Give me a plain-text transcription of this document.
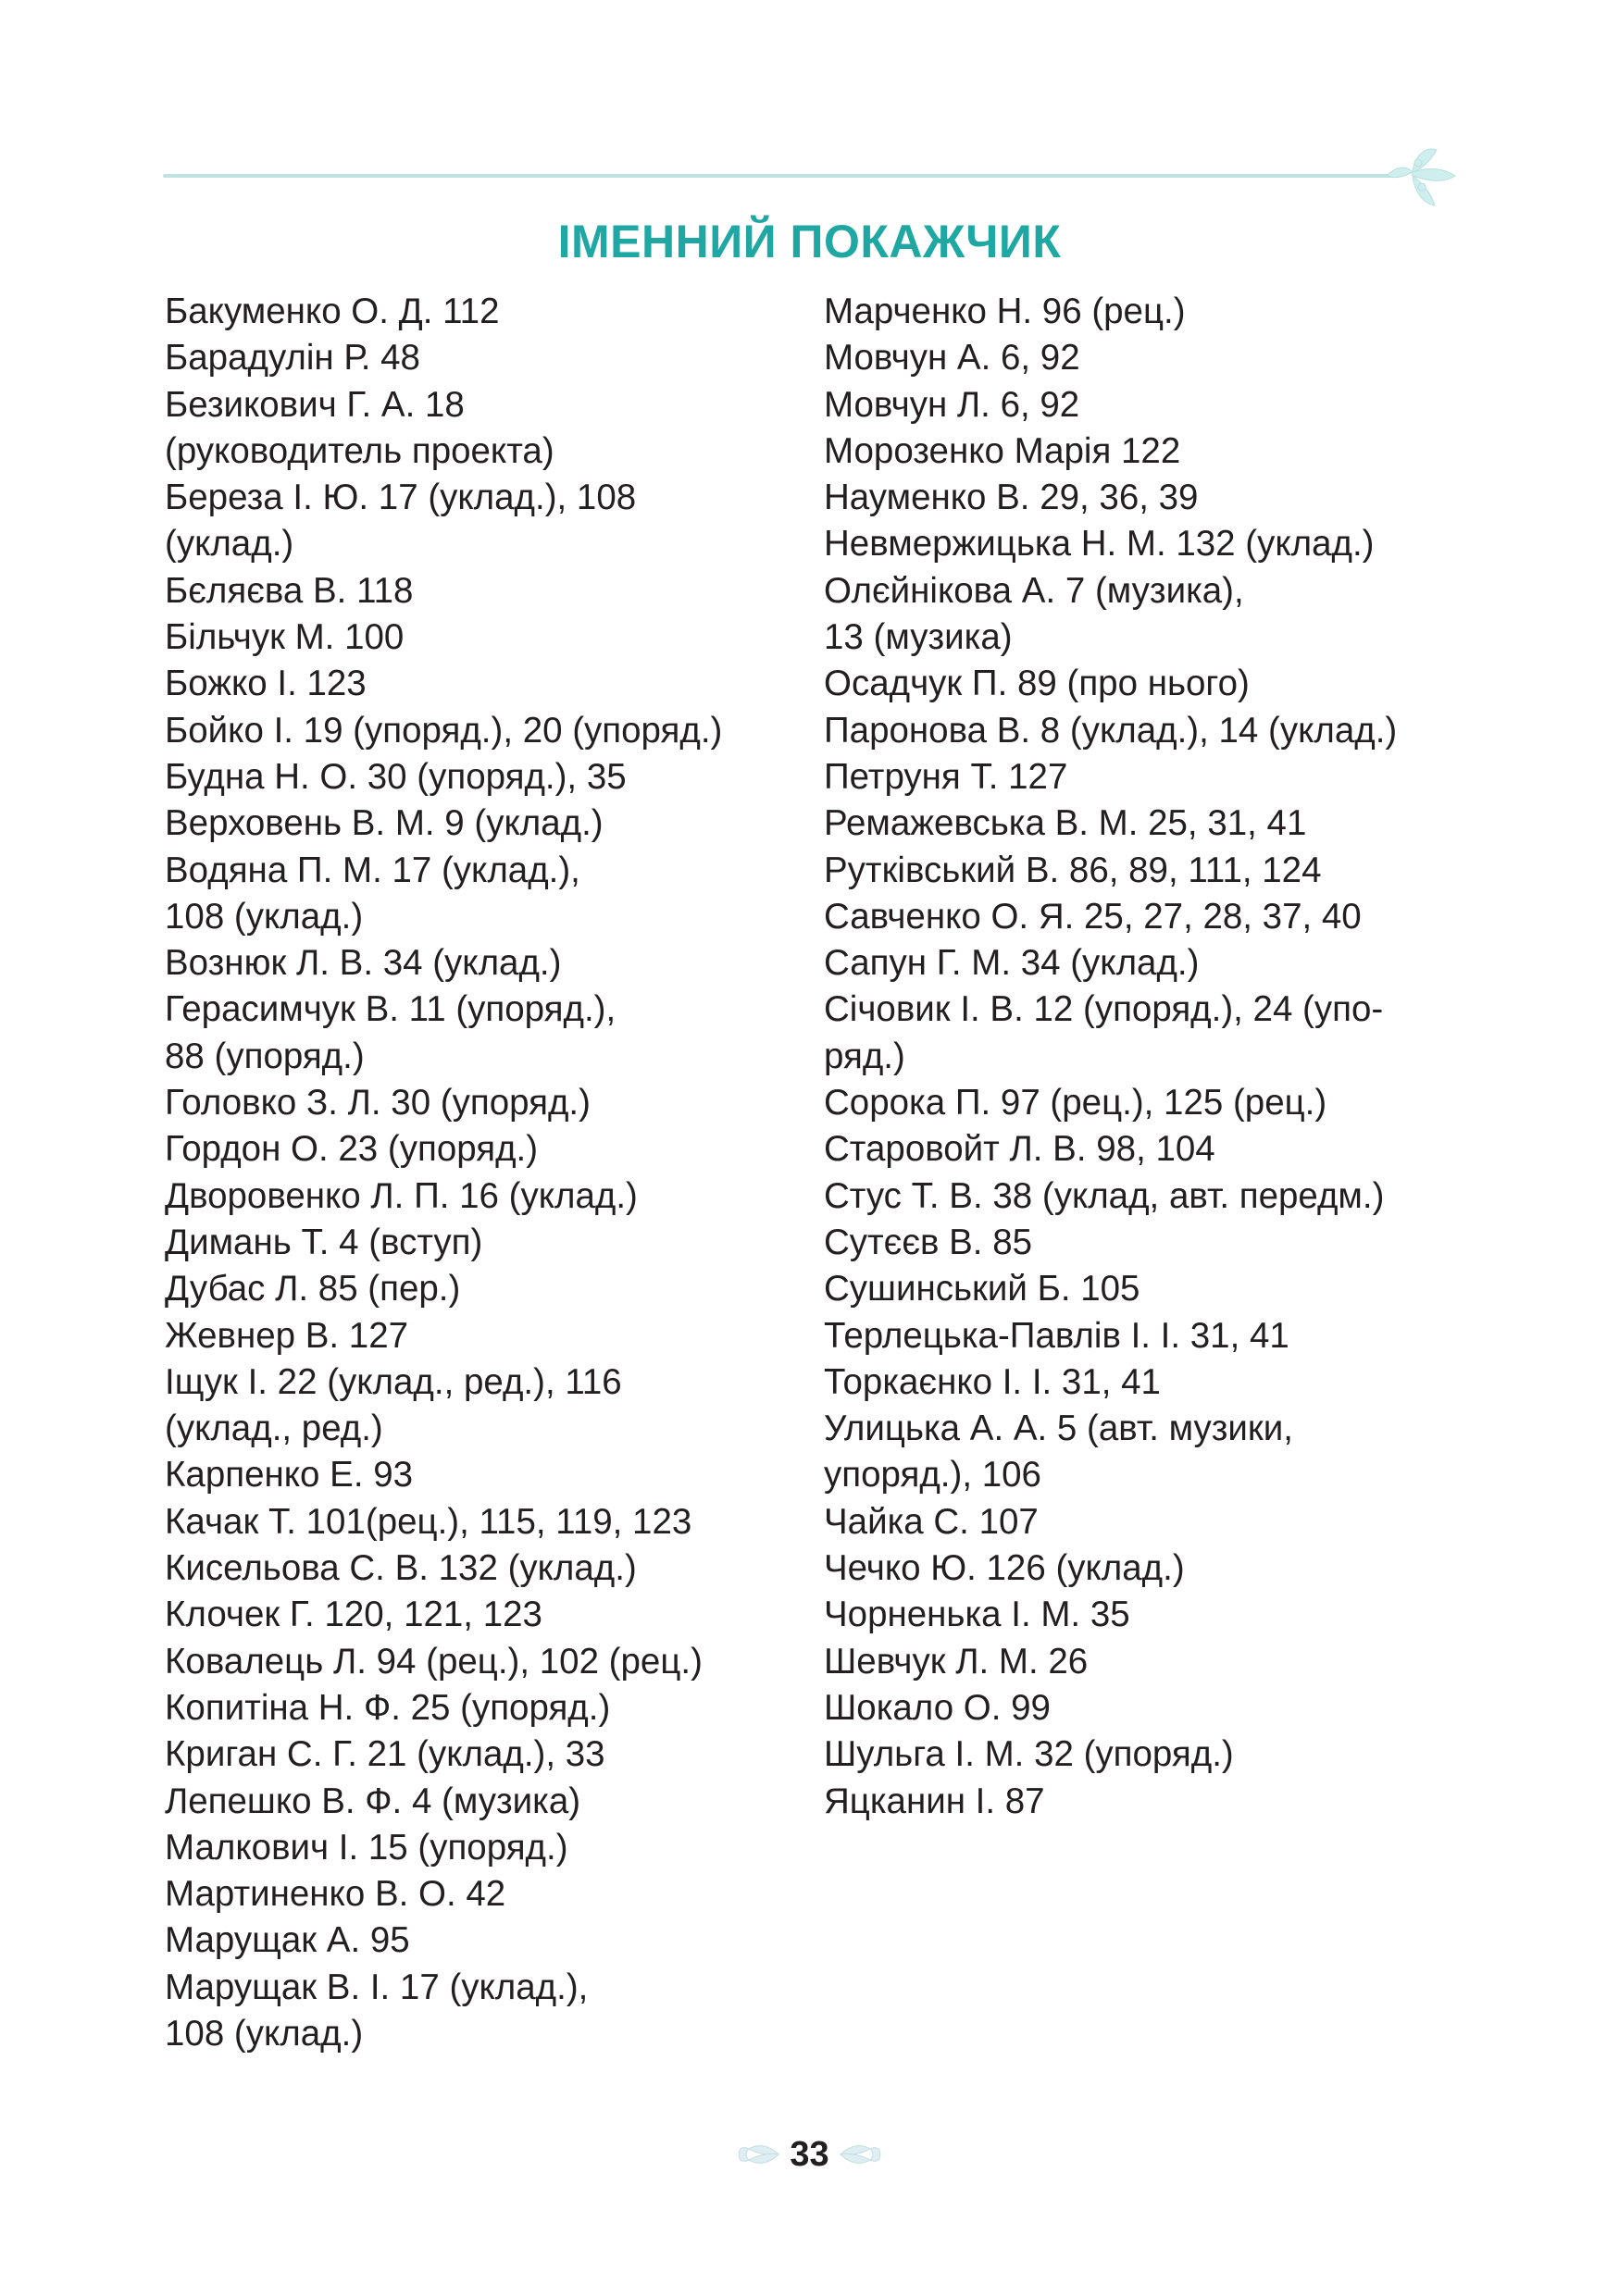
ІМЕННИЙ ПОКАЖЧИК
Бакуменко О. Д. 112
Барадулін Р. 48
Безикович Г. А. 18
(руководитель проекта)
Береза І. Ю. 17 (уклад.), 108
(уклад.)
Бєляєва В. 118
Більчук М. 100
Божко І. 123
Бойко І. 19 (упоряд.), 20 (упоряд.)
Будна Н. О. 30 (упоряд.), 35
Верховень В. М. 9 (уклад.)
Водяна П. М. 17 (уклад.),
108 (уклад.)
Вознюк Л. В. 34 (уклад.)
Герасимчук В. 11 (упоряд.),
88 (упоряд.)
Головко З. Л. 30 (упоряд.)
Гордон О. 23 (упоряд.)
Дворовенко Л. П. 16 (уклад.)
Димань Т. 4 (вступ)
Дубас Л. 85 (пер.)
Жевнер В. 127
Іщук І. 22 (уклад., ред.), 116
(уклад., ред.)
Карпенко Е. 93
Качак Т. 101(рец.), 115, 119, 123
Кисельова С. В. 132 (уклад.)
Клочек Г. 120, 121, 123
Ковалець Л. 94 (рец.), 102 (рец.)
Копитіна Н. Ф. 25 (упоряд.)
Криган С. Г. 21 (уклад.), 33
Лепешко В. Ф. 4 (музика)
Малкович І. 15 (упоряд.)
Мартиненко В. О. 42
Марущак А. 95
Марущак В. І. 17 (уклад.),
108 (уклад.)
Марченко Н. 96 (рец.)
Мовчун А. 6, 92
Мовчун Л. 6, 92
Морозенко Марія 122
Науменко В. 29, 36, 39
Невмержицька Н. М. 132 (уклад.)
Олєйнікова А. 7 (музика),
13 (музика)
Осадчук П. 89 (про нього)
Паронова В. 8 (уклад.), 14 (уклад.)
Петруня Т. 127
Ремажевська В. М. 25, 31, 41
Рутківський В. 86, 89, 111, 124
Савченко О. Я. 25, 27, 28, 37, 40
Сапун Г. М. 34 (уклад.)
Січовик І. В. 12 (упоряд.), 24 (упо-
ряд.)
Сорока П. 97 (рец.), 125 (рец.)
Старовойт Л. В. 98, 104
Стус Т. В. 38 (уклад, авт. передм.)
Сутєєв В. 85
Сушинський Б. 105
Терлецька-Павлів І. І. 31, 41
Торкаєнко І. І. 31, 41
Улицька А. А. 5 (авт. музики,
упоряд.), 106
Чайка С. 107
Чечко Ю. 126 (уклад.)
Чорненька І. М. 35
Шевчук Л. М. 26
Шокало О. 99
Шульга І. М. 32 (упоряд.)
Яцканин І. 87
33
